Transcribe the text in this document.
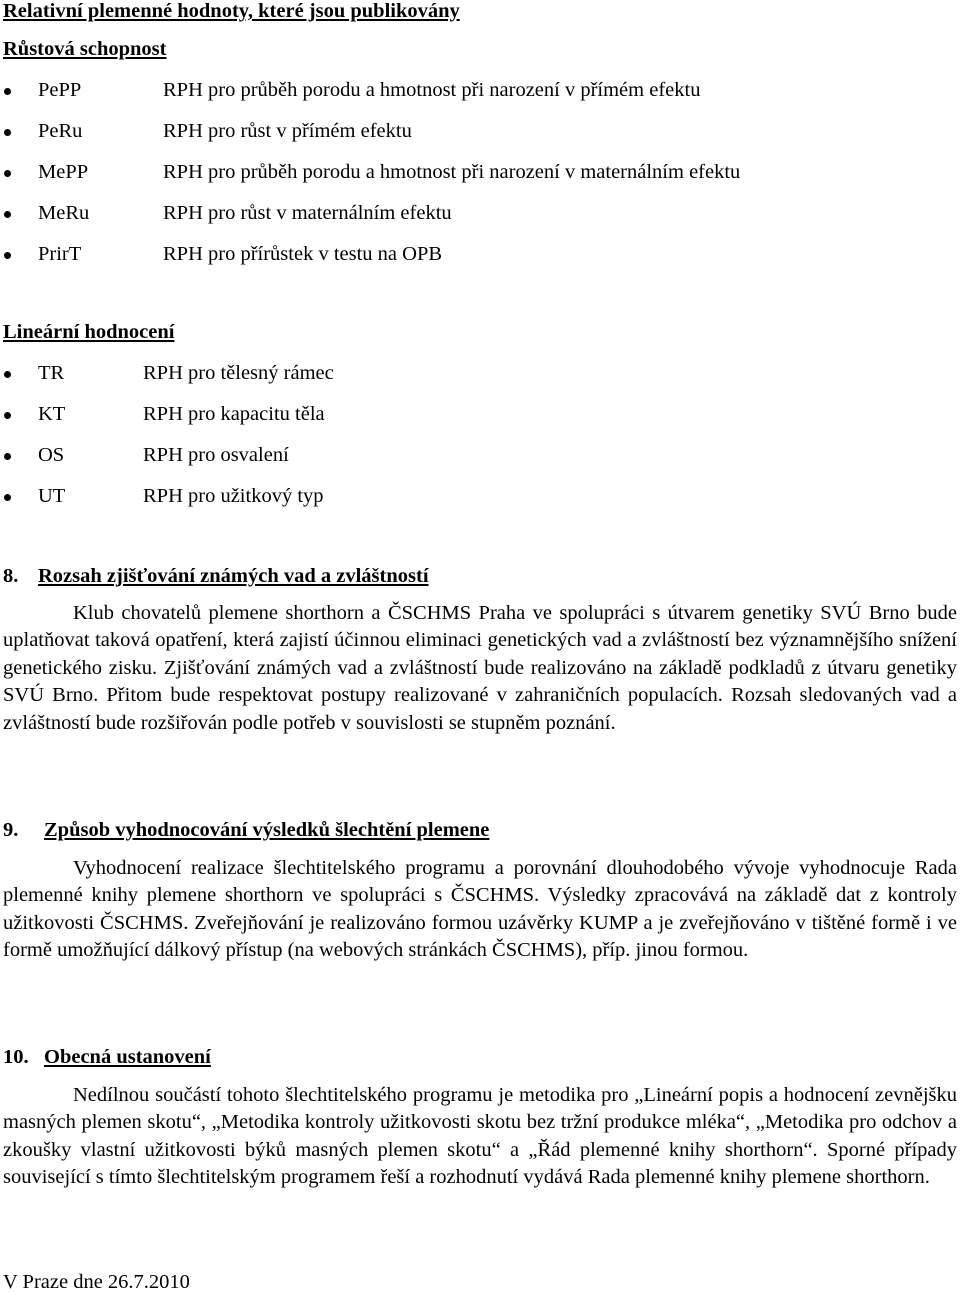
Relativní plemenné hodnoty, které jsou publikovány
Růstová schopnost
PePP	RPH pro průběh porodu a hmotnost při narození v přímém efektu
PeRu	RPH pro růst v přímém efektu
MePP	RPH pro průběh porodu a hmotnost při narození v maternálním efektu
MeRu	RPH pro růst v maternálním efektu
PrirT	RPH pro přírůstek v testu na OPB
Lineární hodnocení
TR	RPH pro tělesný rámec
KT	RPH pro kapacitu těla
OS	RPH pro osvalení
UT	RPH pro užitkový typ
8. Rozsah zjišťování známých vad a zvláštností
Klub chovatelů plemene shorthorn a ČSCHMS Praha ve spolupráci s útvarem genetiky SVÚ Brno bude uplatňovat taková opatření, která zajistí účinnou eliminaci genetických vad a zvláštností bez významnějšího snížení genetického zisku. Zjišťování známých vad a zvláštností bude realizováno na základě podkladů z útvaru genetiky SVÚ Brno. Přitom bude respektovat postupy realizované v zahraničních populacích. Rozsah sledovaných vad a zvláštností bude rozšiřován podle potřeb v souvislosti se stupněm poznání.
9. Způsob vyhodnocování výsledků šlechtění plemene
Vyhodnocení realizace šlechtitelského programu a porovnání dlouhodobého vývoje vyhodnocuje Rada plemenné knihy plemene shorthorn ve spolupráci s ČSCHMS. Výsledky zpracovává na základě dat z kontroly užitkovosti ČSCHMS. Zveřejňování je realizováno formou uzávěrky KUMP a je zveřejňováno v tištěné formě i ve formě umožňující dálkový přístup (na webových stránkách ČSCHMS), příp. jinou formou.
10. Obecná ustanovení
Nedílnou součástí tohoto šlechtitelského programu je metodika pro „Lineární popis a hodnocení zevnějšku masných plemen skotu“, „Metodika kontroly užitkovosti skotu bez tržní produkce mléka“, „Metodika pro odchov a zkoušky vlastní užitkovosti býků masných plemen skotu“ a „Řád plemenné knihy shorthorn“. Sporné případy související s tímto šlechtitelským programem řeší a rozhodnutí vydává Rada plemenné knihy plemene shorthorn.
V Praze dne 26.7.2010
